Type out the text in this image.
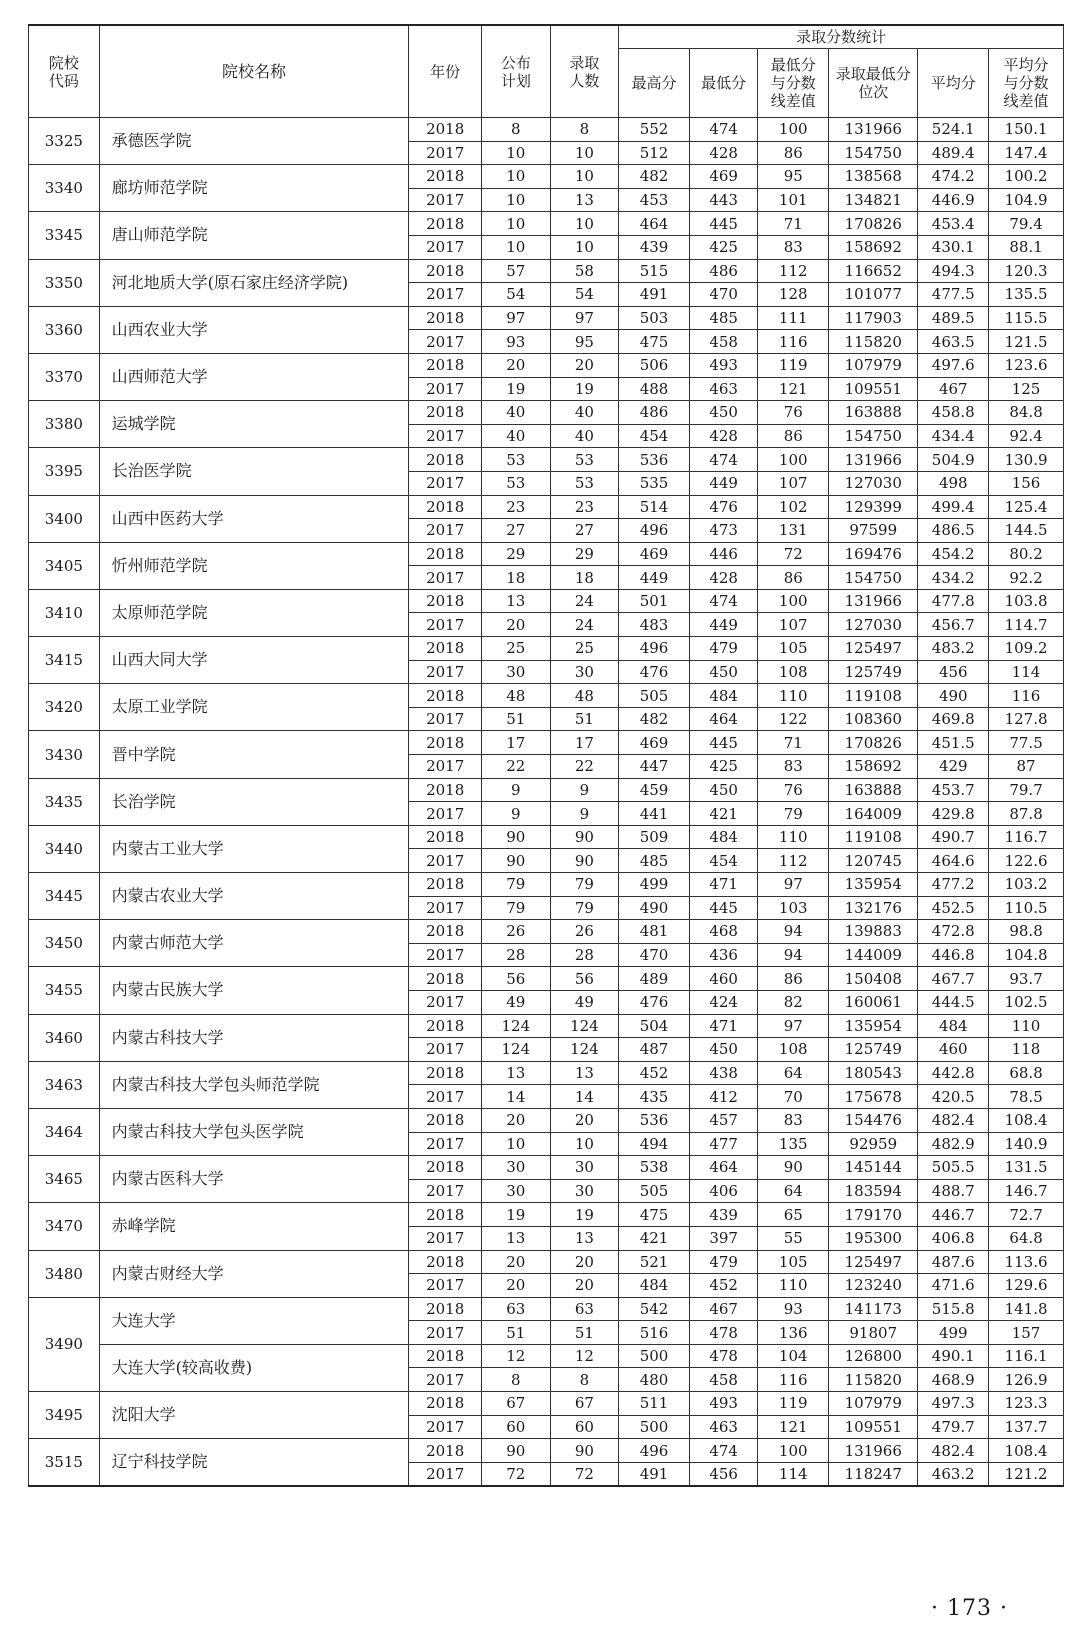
院校代码	院校名称	年份	公布计划	录取人数	录取分数统计					
					最高分	最低分	最低分与分数线差值	录取最低分位次	平均分	平均分与分数线差值
3325	承德医学院	2018	8	8	552	474	100	131966	524.1	150.1
		2017	10	10	512	428	86	154750	489.4	147.4
3340	廊坊师范学院	2018	10	10	482	469	95	138568	474.2	100.2
		2017	10	13	453	443	101	134821	446.9	104.9
3345	唐山师范学院	2018	10	10	464	445	71	170826	453.4	79.4
		2017	10	10	439	425	83	158692	430.1	88.1
3350	河北地质大学(原石家庄经济学院)	2018	57	58	515	486	112	116652	494.3	120.3
		2017	54	54	491	470	128	101077	477.5	135.5
3360	山西农业大学	2018	97	97	503	485	111	117903	489.5	115.5
		2017	93	95	475	458	116	115820	463.5	121.5
3370	山西师范大学	2018	20	20	506	493	119	107979	497.6	123.6
		2017	19	19	488	463	121	109551	467	125
3380	运城学院	2018	40	40	486	450	76	163888	458.8	84.8
		2017	40	40	454	428	86	154750	434.4	92.4
3395	长治医学院	2018	53	53	536	474	100	131966	504.9	130.9
		2017	53	53	535	449	107	127030	498	156
3400	山西中医药大学	2018	23	23	514	476	102	129399	499.4	125.4
		2017	27	27	496	473	131	97599	486.5	144.5
3405	忻州师范学院	2018	29	29	469	446	72	169476	454.2	80.2
		2017	18	18	449	428	86	154750	434.2	92.2
3410	太原师范学院	2018	13	24	501	474	100	131966	477.8	103.8
		2017	20	24	483	449	107	127030	456.7	114.7
3415	山西大同大学	2018	25	25	496	479	105	125497	483.2	109.2
		2017	30	30	476	450	108	125749	456	114
3420	太原工业学院	2018	48	48	505	484	110	119108	490	116
		2017	51	51	482	464	122	108360	469.8	127.8
3430	晋中学院	2018	17	17	469	445	71	170826	451.5	77.5
		2017	22	22	447	425	83	158692	429	87
3435	长治学院	2018	9	9	459	450	76	163888	453.7	79.7
		2017	9	9	441	421	79	164009	429.8	87.8
3440	内蒙古工业大学	2018	90	90	509	484	110	119108	490.7	116.7
		2017	90	90	485	454	112	120745	464.6	122.6
3445	内蒙古农业大学	2018	79	79	499	471	97	135954	477.2	103.2
		2017	79	79	490	445	103	132176	452.5	110.5
3450	内蒙古师范大学	2018	26	26	481	468	94	139883	472.8	98.8
		2017	28	28	470	436	94	144009	446.8	104.8
3455	内蒙古民族大学	2018	56	56	489	460	86	150408	467.7	93.7
		2017	49	49	476	424	82	160061	444.5	102.5
3460	内蒙古科技大学	2018	124	124	504	471	97	135954	484	110
		2017	124	124	487	450	108	125749	460	118
3463	内蒙古科技大学包头师范学院	2018	13	13	452	438	64	180543	442.8	68.8
		2017	14	14	435	412	70	175678	420.5	78.5
3464	内蒙古科技大学包头医学院	2018	20	20	536	457	83	154476	482.4	108.4
		2017	10	10	494	477	135	92959	482.9	140.9
3465	内蒙古医科大学	2018	30	30	538	464	90	145144	505.5	131.5
		2017	30	30	505	406	64	183594	488.7	146.7
3470	赤峰学院	2018	19	19	475	439	65	179170	446.7	72.7
		2017	13	13	421	397	55	195300	406.8	64.8
3480	内蒙古财经大学	2018	20	20	521	479	105	125497	487.6	113.6
		2017	20	20	484	452	110	123240	471.6	129.6
3490	大连大学	2018	63	63	542	467	93	141173	515.8	141.8
		2017	51	51	516	478	136	91807	499	157
	大连大学(较高收费)	2018	12	12	500	478	104	126800	490.1	116.1
		2017	8	8	480	458	116	115820	468.9	126.9
3495	沈阳大学	2018	67	67	511	493	119	107979	497.3	123.3
		2017	60	60	500	463	121	109551	479.7	137.7
3515	辽宁科技学院	2018	90	90	496	474	100	131966	482.4	108.4
		2017	72	72	491	456	114	118247	463.2	121.2
· 173 ·
